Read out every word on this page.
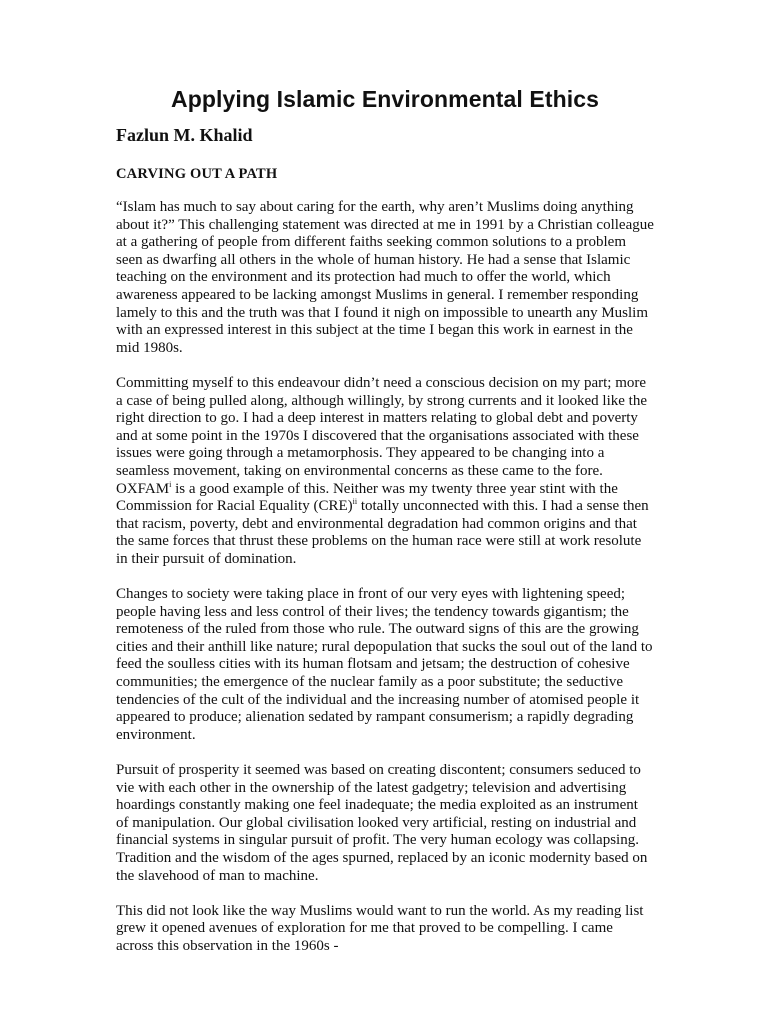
Applying Islamic Environmental Ethics
Fazlun M. Khalid
CARVING OUT A PATH

“Islam has much to say about caring for the earth, why aren’t Muslims doing anything about it?” This challenging statement was directed at me in 1991 by a Christian colleague at a gathering of people from different faiths seeking common solutions to a problem seen as dwarfing all others in the whole of human history. He had a sense that Islamic teaching on the environment and its protection had much to offer the world, which awareness appeared to be lacking amongst Muslims in general. I remember responding lamely to this and the truth was that I found it nigh on impossible to unearth any Muslim with an expressed interest in this subject at the time I began this work in earnest in the mid 1980s.

Committing myself to this endeavour didn’t need a conscious decision on my part; more a case of being pulled along, although willingly, by strong currents and it looked like the right direction to go. I had a deep interest in matters relating to global debt and poverty and at some point in the 1970s I discovered that the organisations associated with these issues were going through a metamorphosis. They appeared to be changing into a seamless movement, taking on environmental concerns as these came to the fore. OXFAM$^i$ is a good example of this. Neither was my twenty three year stint with the Commission for Racial Equality (CRE)$^{ii}$ totally unconnected with this. I had a sense then that racism, poverty, debt and environmental degradation had common origins and that the same forces that thrust these problems on the human race were still at work resolute in their pursuit of domination.

Changes to society were taking place in front of our very eyes with lightening speed; people having less and less control of their lives; the tendency towards gigantism; the remoteness of the ruled from those who rule. The outward signs of this are the growing cities and their anthill like nature; rural depopulation that sucks the soul out of the land to feed the soulless cities with its human flotsam and jetsam; the destruction of cohesive communities; the emergence of the nuclear family as a poor substitute; the seductive tendencies of the cult of the individual and the increasing number of atomised people it appeared to produce; alienation sedated by rampant consumerism; a rapidly degrading environment.

Pursuit of prosperity it seemed was based on creating discontent; consumers seduced to vie with each other in the ownership of the latest gadgetry; television and advertising hoardings constantly making one feel inadequate; the media exploited as an instrument of manipulation. Our global civilisation looked very artificial, resting on industrial and financial systems in singular pursuit of profit. The very human ecology was collapsing. Tradition and the wisdom of the ages spurned, replaced by an iconic modernity based on the slavehood of man to machine.

This did not look like the way Muslims would want to run the world. As my reading list grew it opened avenues of exploration for me that proved to be compelling. I came across this observation in the 1960s -
